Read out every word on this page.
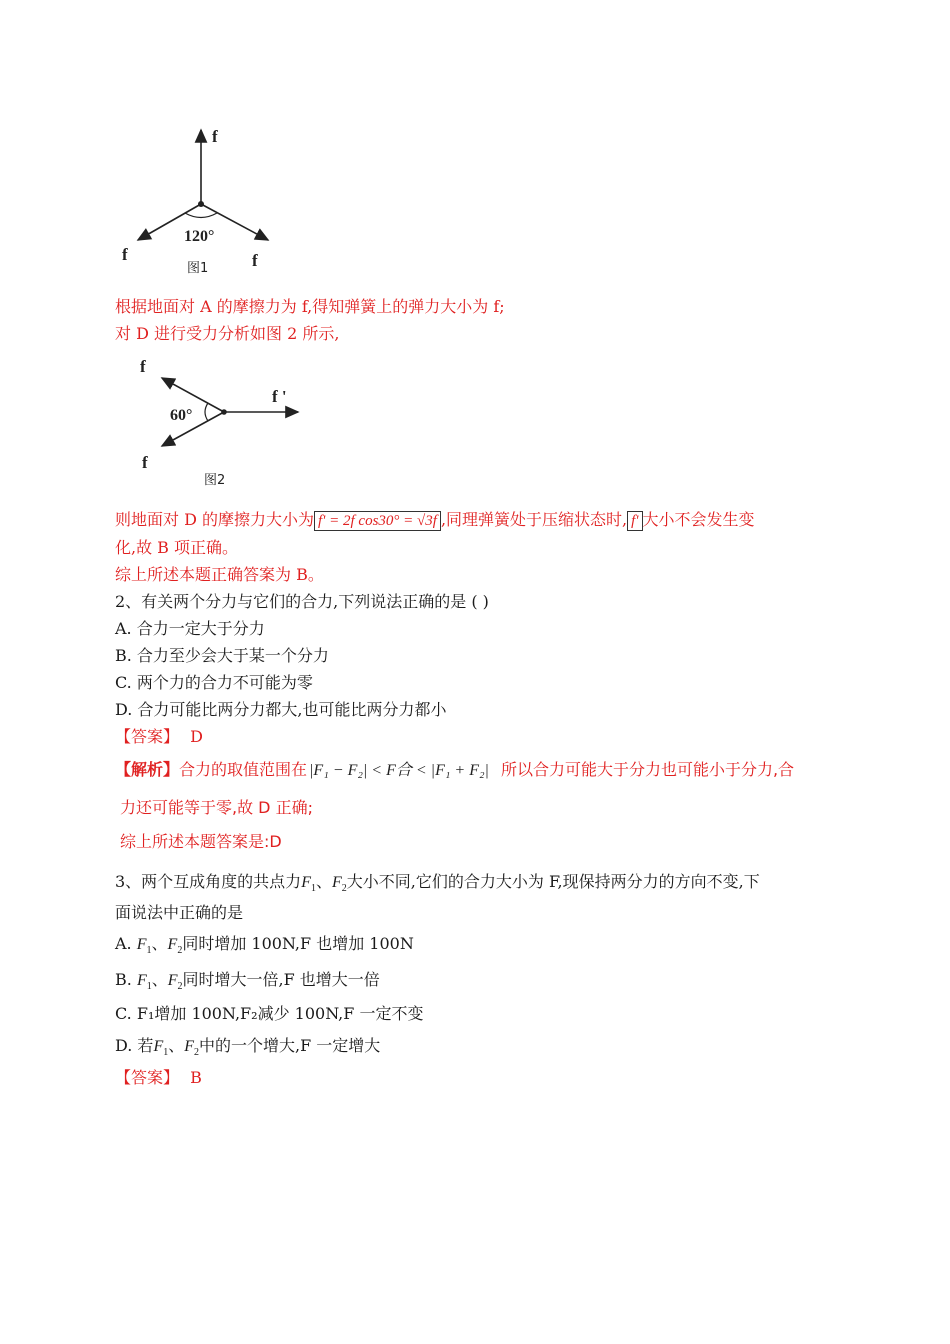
f
f	f
120°
图1
根据地面对 A 的摩擦力为 f,得知弹簧上的弹力大小为 f;
对 D 进行受力分析如图 2 所示,
f
f
f '
60°
图2
则地面对 D 的摩擦力大小为 f' = 2f cos30° = √3f ,同理弹簧处于压缩状态时, f' 大小不会发生变
化,故 B 项正确。
综上所述本题正确答案为 B。
2、有关两个分力与它们的合力,下列说法正确的是 ( )
A. 合力一定大于分力
B. 合力至少会大于某一个分力
C. 两个力的合力不可能为零
D. 合力可能比两分力都大,也可能比两分力都小
【答案】 D
【解析】合力的取值范围在 |F₁ − F₂| < F合 < |F₁ + F₂| 所以合力可能大于分力也可能小于分力,合
力还可能等于零,故 D 正确;
综上所述本题答案是:D
3、两个互成角度的共点力$F_1$、$F_2$大小不同,它们的合力大小为 F,现保持两分力的方向不变,下
面说法中正确的是
A. $F_1$、$F_2$同时增加 100N,F 也增加 100N
B. $F_1$、$F_2$同时增大一倍,F 也增大一倍
C. F₁增加 100N,F₂减少 100N,F 一定不变
D. 若$F_1$、$F_2$中的一个增大,F 一定增大
【答案】 B
